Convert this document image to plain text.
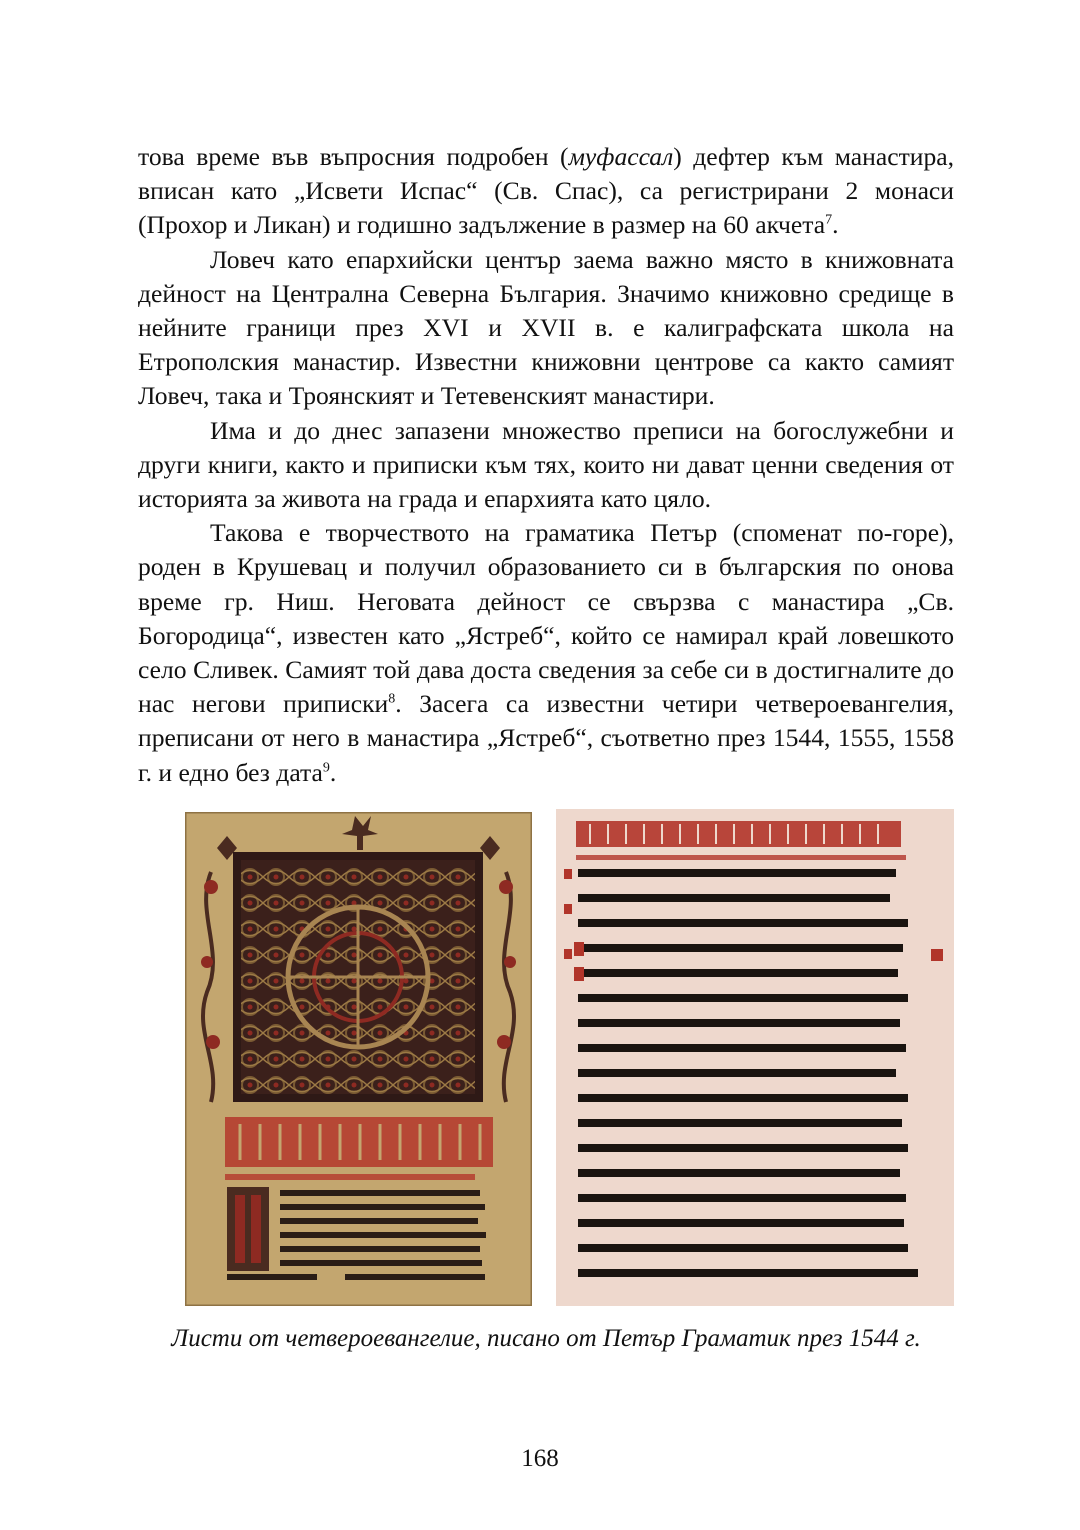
това време във въпросния подробен (муфассал) дефтер към манастира, вписан като „Исвети Испас“ (Св. Спас), са регистрирани 2 монаси (Прохор и Ликан) и годишно задължение в размер на 60 акчета$^7$.

Ловеч като епархийски център заема важно място в книжовната дейност на Централна Северна България. Значимо книжовно средище в нейните граници през XVI и XVII в. е калиграфската школа на Етрополския манастир. Известни книжовни центрове са както самият Ловеч, така и Троянският и Тетевенският манастири.

Има и до днес запазени множество преписи на богослужебни и други книги, както и приписки към тях, които ни дават ценни сведения от историята за живота на града и епархията като цяло.

Такова е творчеството на граматика Петър (споменат по-горе), роден в Крушевац и получил образованието си в българския по онова време гр. Ниш. Неговата дейност се свързва с манастира „Св. Богородица“, известен като „Ястреб“, който се намирал край ловешкото село Сливек. Самият той дава доста сведения за себе си в достигналите до нас негови приписки$^8$. Засега са известни четири четвероевангелия, преписани от него в манастира „Ястреб“, съответно през 1544, 1555, 1558 г. и едно без дата$^9$.

Листи от четвероевангелие, писано от Петър Граматик през 1544 г.
168
